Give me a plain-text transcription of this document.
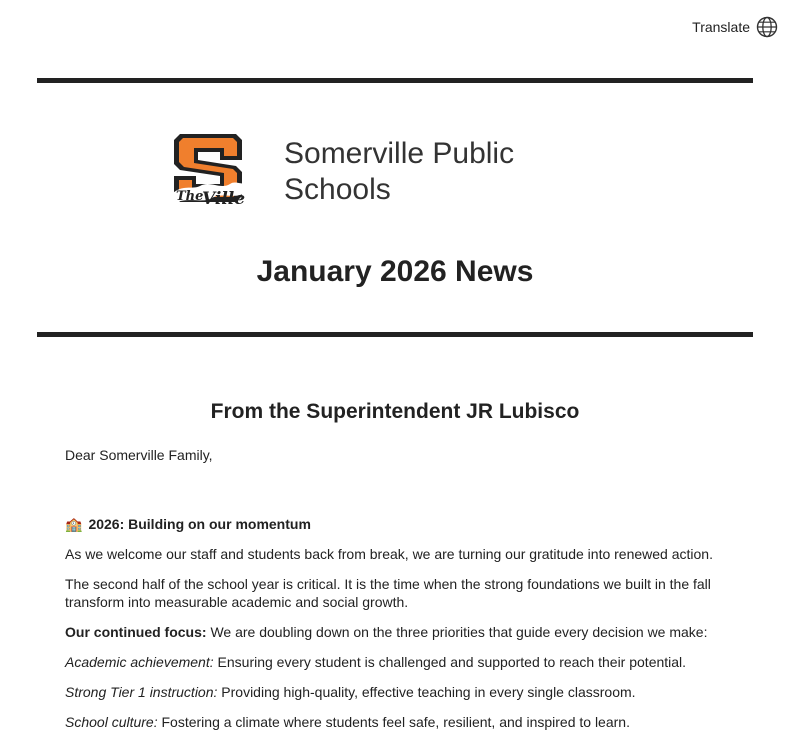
Translate
The
Ville
Somerville Public
Schools
January 2026 News
From the Superintendent JR Lubisco

Dear Somerville Family,

🏫 2026: Building on our momentum

As we welcome our staff and students back from break, we are turning our gratitude into renewed action.

The second half of the school year is critical. It is the time when the strong foundations we built in the fall transform into measurable academic and social growth.

Our continued focus: We are doubling down on the three priorities that guide every decision we make:

Academic achievement: Ensuring every student is challenged and supported to reach their potential.

Strong Tier 1 instruction: Providing high-quality, effective teaching in every single classroom.

School culture: Fostering a climate where students feel safe, resilient, and inspired to learn.
